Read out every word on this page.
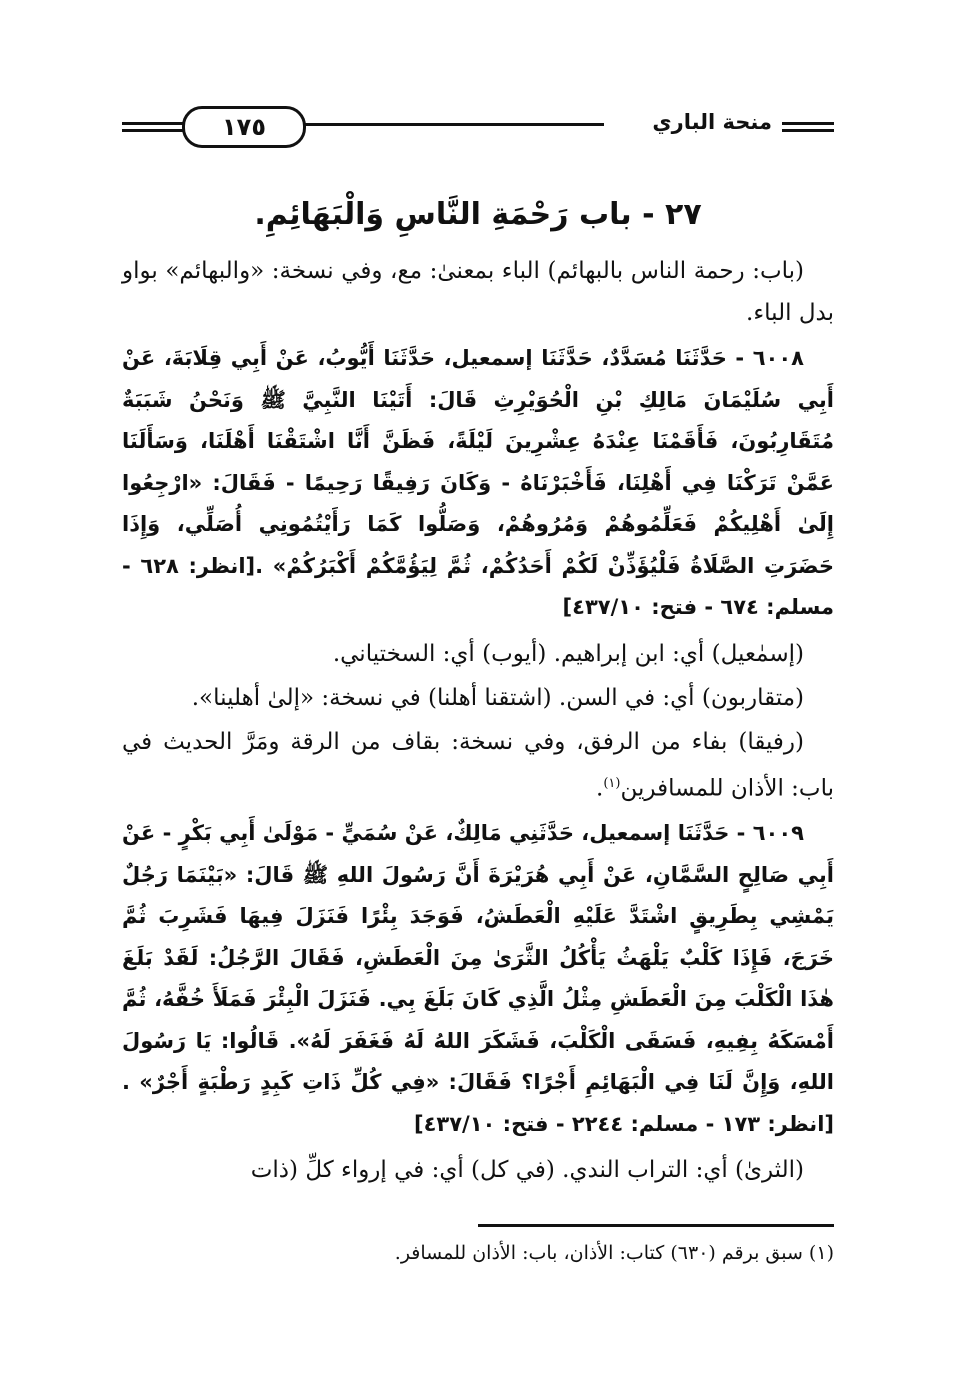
١٧٥	منحة الباري
٢٧ - باب رَحْمَةِ النَّاسِ وَالْبَهَائِمِ.

(باب: رحمة الناس بالبهائم) الباء بمعنىٰ: مع، وفي نسخة: «والبهائم» بواو بدل الباء.

٦٠٠٨ - حَدَّثَنَا مُسَدَّدٌ، حَدَّثَنَا إسمعيل، حَدَّثَنَا أَيُّوبُ، عَنْ أَبِي قِلَابَةَ، عَنْ أَبِي سُلَيْمَانَ مَالِكِ بْنِ الْحُوَيْرِثِ قَالَ: أَتَيْنَا النَّبِيَّ ﷺ وَنَحْنُ شَبَبَةٌ مُتَقَارِبُونَ، فَأَقَمْنَا عِنْدَهُ عِشْرِينَ لَيْلَةً، فَظَنَّ أَنَّا اشْتَقْنَا أَهْلَنَا، وَسَأَلَنَا عَمَّنْ تَرَكْنَا فِي أَهْلِنَا، فَأَخْبَرْنَاهُ - وَكَانَ رَفِيقًا رَحِيمًا - فَقَالَ: «ارْجِعُوا إِلَىٰ أَهْلِيكُمْ فَعَلِّمُوهُمْ وَمُرُوهُمْ، وَصَلُّوا كَمَا رَأَيْتُمُونِي أُصَلِّي، وَإِذَا حَضَرَتِ الصَّلَاةُ فَلْيُؤَذِّنْ لَكُمْ أَحَدُكُمْ، ثُمَّ لِيَؤُمَّكُمْ أَكْبَرُكُمْ» .[انظر: ٦٢٨ - مسلم: ٦٧٤ - فتح: ٤٣٧/١٠]

(إسمٰعيل) أي: ابن إبراهيم. (أيوب) أي: السختياني.

(متقاربون) أي: في السن. (اشتقنا أهلنا) في نسخة: «إلىٰ أهلينا».

(رفيقا) بفاء من الرفق، وفي نسخة: بقاف من الرقة ومَرَّ الحديث في باب: الأذان للمسافرين$^{(١)}$.

٦٠٠٩ - حَدَّثَنَا إسمعيل، حَدَّثَنِي مَالِكٌ، عَنْ سُمَيٍّ - مَوْلَىٰ أَبِي بَكْرٍ - عَنْ أَبِي صَالِحٍ السَّمَّانِ، عَنْ أَبِي هُرَيْرَةَ أَنَّ رَسُولَ اللهِ ﷺ قَالَ: «بَيْنَمَا رَجُلٌ يَمْشِي بِطَرِيقٍ اشْتَدَّ عَلَيْهِ الْعَطَشُ، فَوَجَدَ بِئْرًا فَنَزَلَ فِيهَا فَشَرِبَ ثُمَّ خَرَجَ، فَإِذَا كَلْبٌ يَلْهَثُ يَأْكُلُ الثَّرَىٰ مِنَ الْعَطَشِ، فَقَالَ الرَّجُلُ: لَقَدْ بَلَغَ هٰذَا الْكَلْبَ مِنَ الْعَطَشِ مِثْلُ الَّذِي كَانَ بَلَغَ بِي. فَنَزَلَ الْبِئْرَ فَمَلَأَ خُفَّهُ، ثُمَّ أَمْسَكَهُ بِفِيهِ، فَسَقَى الْكَلْبَ، فَشَكَرَ اللهُ لَهُ فَغَفَرَ لَهُ». قَالُوا: يَا رَسُولَ اللهِ، وَإِنَّ لَنَا فِي الْبَهَائِمِ أَجْرًا؟ فَقَالَ: «فِي كُلِّ ذَاتِ كَبِدٍ رَطْبَةٍ أَجْرٌ» .[انظر: ١٧٣ - مسلم: ٢٢٤٤ - فتح: ٤٣٧/١٠]

(الثرىٰ) أي: التراب الندي. (في كل) أي: في إرواء كلِّ (ذات

(١) سبق برقم (٦٣٠) كتاب: الأذان، باب: الأذان للمسافر.
